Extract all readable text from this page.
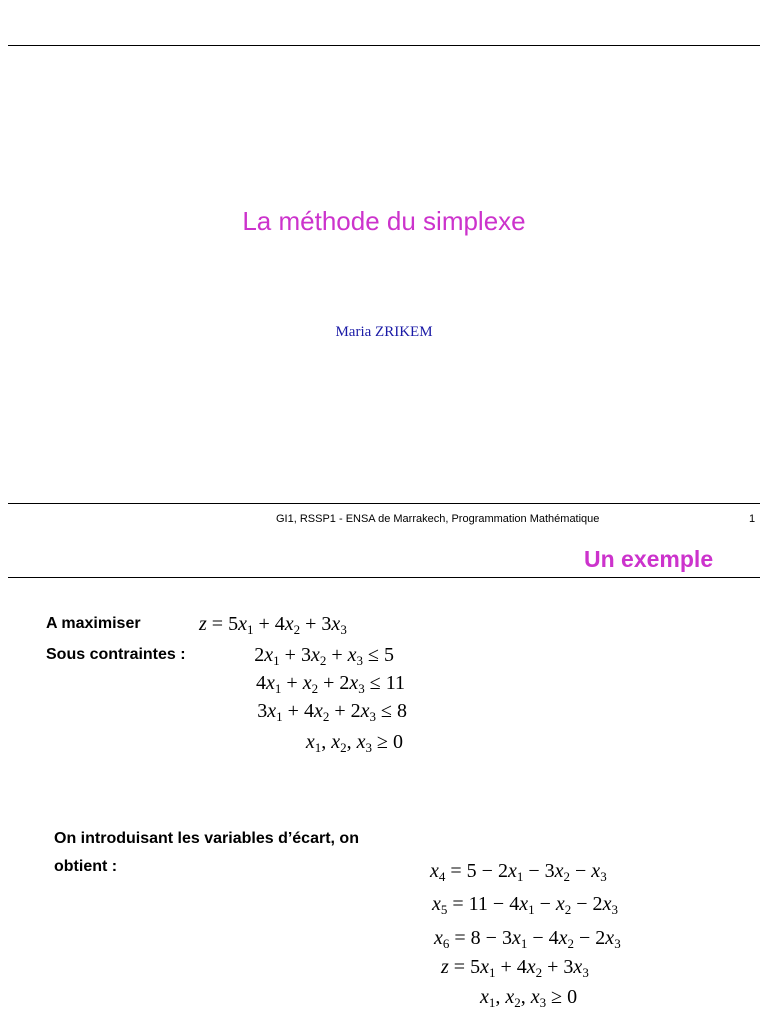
La méthode du simplexe
Maria ZRIKEM
GI1, RSSP1 - ENSA de Marrakech, Programmation Mathématique	1
Un exemple
A maximiser
Sous contraintes :
$z = 5x_1 + 4x_2 + 3x_3$
$2x_1 + 3x_2 + x_3 \le 5$
$4x_1 + x_2 + 2x_3 \le 11$
$3x_1 + 4x_2 + 2x_3 \le 8$
$x_1$, $x_2$, $x_3 \ge 0$
On introduisant les variables d’écart, on
obtient :	$x_4 = 5 - 2x_1 - 3x_2 - x_3$
$x_5 = 11 - 4x_1 - x_2 - 2x_3$
$x_6 = 8 - 3x_1 - 4x_2 - 2x_3$
$z = 5x_1 + 4x_2 + 3x_3$
$x_1$, $x_2$, $x_3 \ge 0$
